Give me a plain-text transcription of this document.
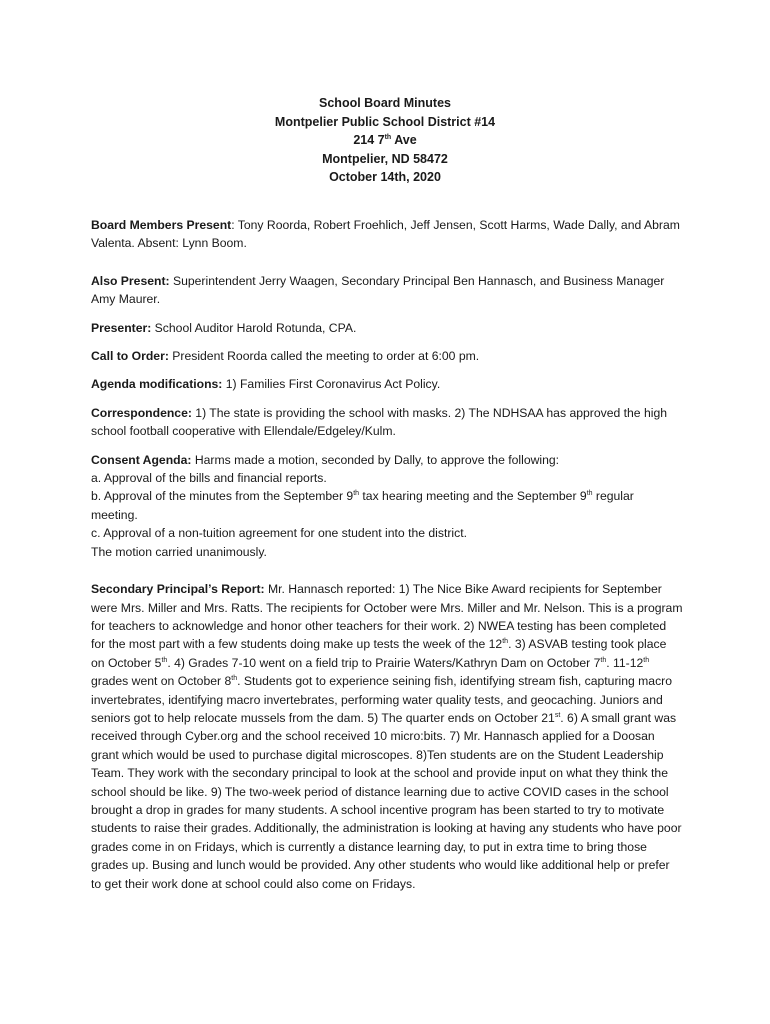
School Board Minutes
Montpelier Public School District #14
214 7th Ave
Montpelier, ND 58472
October 14th, 2020

Board Members Present: Tony Roorda, Robert Froehlich, Jeff Jensen, Scott Harms, Wade Dally, and Abram Valenta. Absent: Lynn Boom.

Also Present: Superintendent Jerry Waagen, Secondary Principal Ben Hannasch, and Business Manager Amy Maurer.

Presenter: School Auditor Harold Rotunda, CPA.

Call to Order: President Roorda called the meeting to order at 6:00 pm.

Agenda modifications: 1) Families First Coronavirus Act Policy.

Correspondence: 1) The state is providing the school with masks. 2) The NDHSAA has approved the high school football cooperative with Ellendale/Edgeley/Kulm.

Consent Agenda: Harms made a motion, seconded by Dally, to approve the following:
a. Approval of the bills and financial reports.
b. Approval of the minutes from the September 9th tax hearing meeting and the September 9th regular meeting.
c. Approval of a non-tuition agreement for one student into the district.
The motion carried unanimously.

Secondary Principal’s Report: Mr. Hannasch reported: 1) The Nice Bike Award recipients for September were Mrs. Miller and Mrs. Ratts. The recipients for October were Mrs. Miller and Mr. Nelson. This is a program for teachers to acknowledge and honor other teachers for their work. 2) NWEA testing has been completed for the most part with a few students doing make up tests the week of the 12th. 3) ASVAB testing took place on October 5th. 4) Grades 7-10 went on a field trip to Prairie Waters/Kathryn Dam on October 7th. 11-12th grades went on October 8th. Students got to experience seining fish, identifying stream fish, capturing macro invertebrates, identifying macro invertebrates, performing water quality tests, and geocaching. Juniors and seniors got to help relocate mussels from the dam. 5) The quarter ends on October 21st. 6) A small grant was received through Cyber.org and the school received 10 micro:bits. 7) Mr. Hannasch applied for a Doosan grant which would be used to purchase digital microscopes. 8)Ten students are on the Student Leadership Team. They work with the secondary principal to look at the school and provide input on what they think the school should be like. 9) The two-week period of distance learning due to active COVID cases in the school brought a drop in grades for many students. A school incentive program has been started to try to motivate students to raise their grades. Additionally, the administration is looking at having any students who have poor grades come in on Fridays, which is currently a distance learning day, to put in extra time to bring those grades up. Busing and lunch would be provided. Any other students who would like additional help or prefer to get their work done at school could also come on Fridays.
